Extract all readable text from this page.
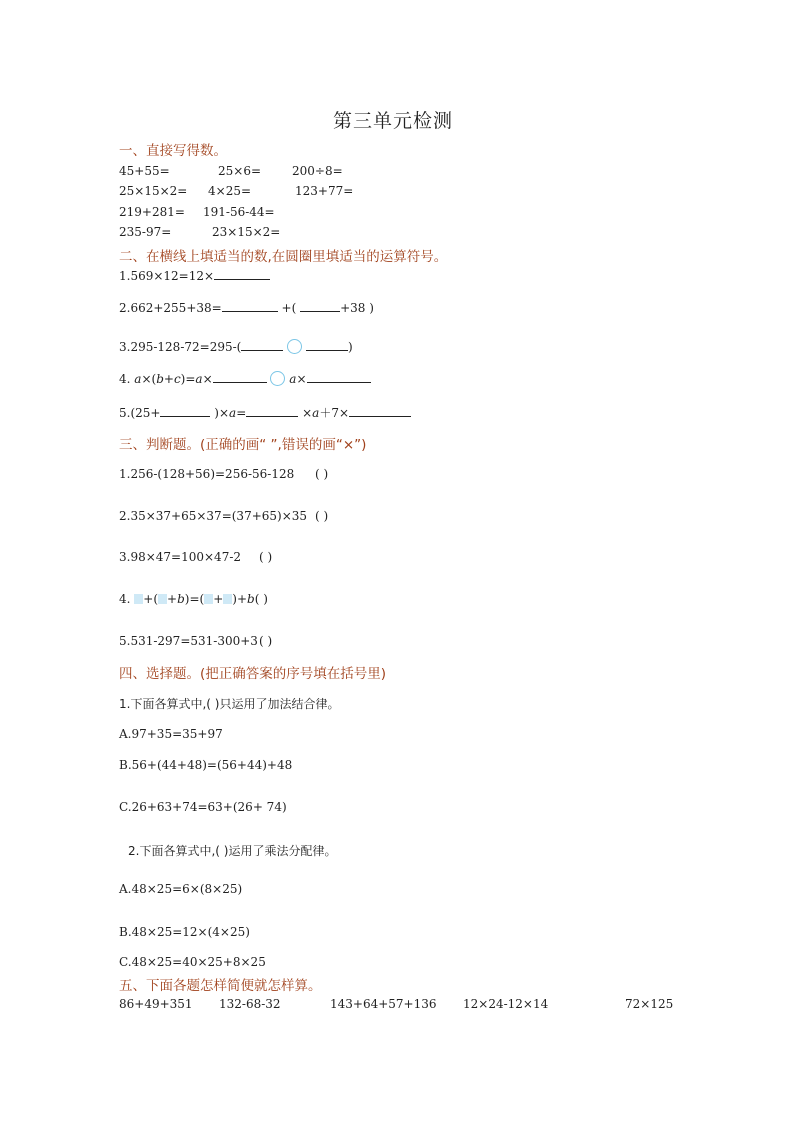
第三单元检测
一、直接写得数。
45+55=	25×6=	200÷8=
25×15×2= 4×25=	123+77=
219+281= 191-56-44=
235-97=	23×15×2=
二、在横线上填适当的数,在圆圈里填适当的运算符号。
1.569×12=12×
2.662+255+38=	+(	+38 )
3.295-128-72=295-(	)
4. a×(b+c)=a×	a×
5.(25+	)×a=	×a＋7×
三、判断题。(正确的画“ ”,错误的画“×”)
1.256-(128+56)=256-56-128 ( )
2.35×37+65×37=(37+65)×35 ( )
3.98×47=100×47-2 ( )
4. +( +b)=( + )+b( )
5.531-297=531-300+3 ( )
四、选择题。(把正确答案的序号填在括号里)
1.下面各算式中,( )只运用了加法结合律。
A.97+35=35+97
B.56+(44+48)=(56+44)+48
C.26+63+74=63+(26+ 74)
2.下面各算式中,( )运用了乘法分配律。
A.48×25=6×(8×25)
B.48×25=12×(4×25)
C.48×25=40×25+8×25
五、下面各题怎样简便就怎样算。
86+49+351 132-68-32	143+64+57+136 12×24-12×14	72×125
